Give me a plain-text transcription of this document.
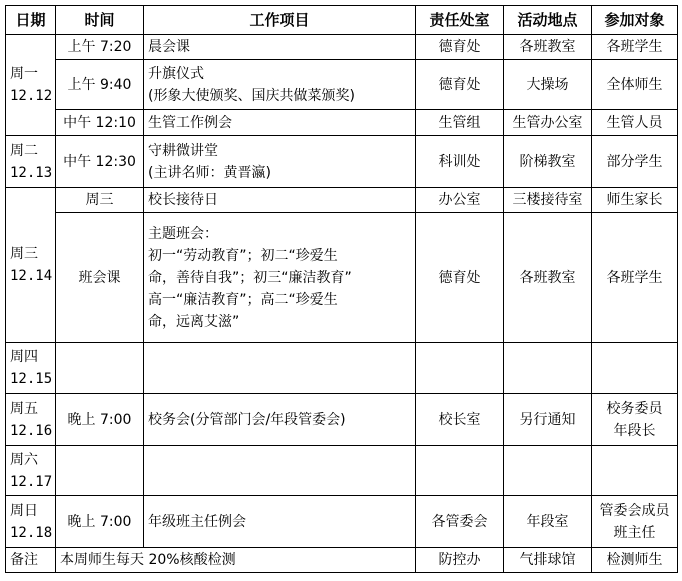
日期	时间	工作项目	责任处室	活动地点	参加对象

周一
12.12	上午 7:20	晨会课	德育处	各班教室	各班学生
	上午 9:40	升旗仪式
(形象大使颁奖、国庆共做菜颁奖)	德育处	大操场	全体师生
	中午 12:10	生管工作例会	生管组	生管办公室	生管人员

周二
12.13	中午 12:30	守耕微讲堂
(主讲名师：黄晋瀛)	科训处	阶梯教室	部分学生

周三
12.14	周三	校长接待日	办公室	三楼接待室	师生家长
	班会课	主题班会：
初一“劳动教育”；初二“珍爱生
命，善待自我”；初三“廉洁教育”
高一“廉洁教育”；高二“珍爱生
命，远离艾滋”	德育处	各班教室	各班学生

周四
12.15					

周五
12.16	晚上 7:00	校务会(分管部门会/年段管委会)	校长室	另行通知	校务委员
年段长

周六
12.17					

周日
12.18	晚上 7:00	年级班主任例会	各管委会	年段室	管委会成员
班主任

备注	本周师生每天 20%核酸检测		防控办	气排球馆	检测师生
